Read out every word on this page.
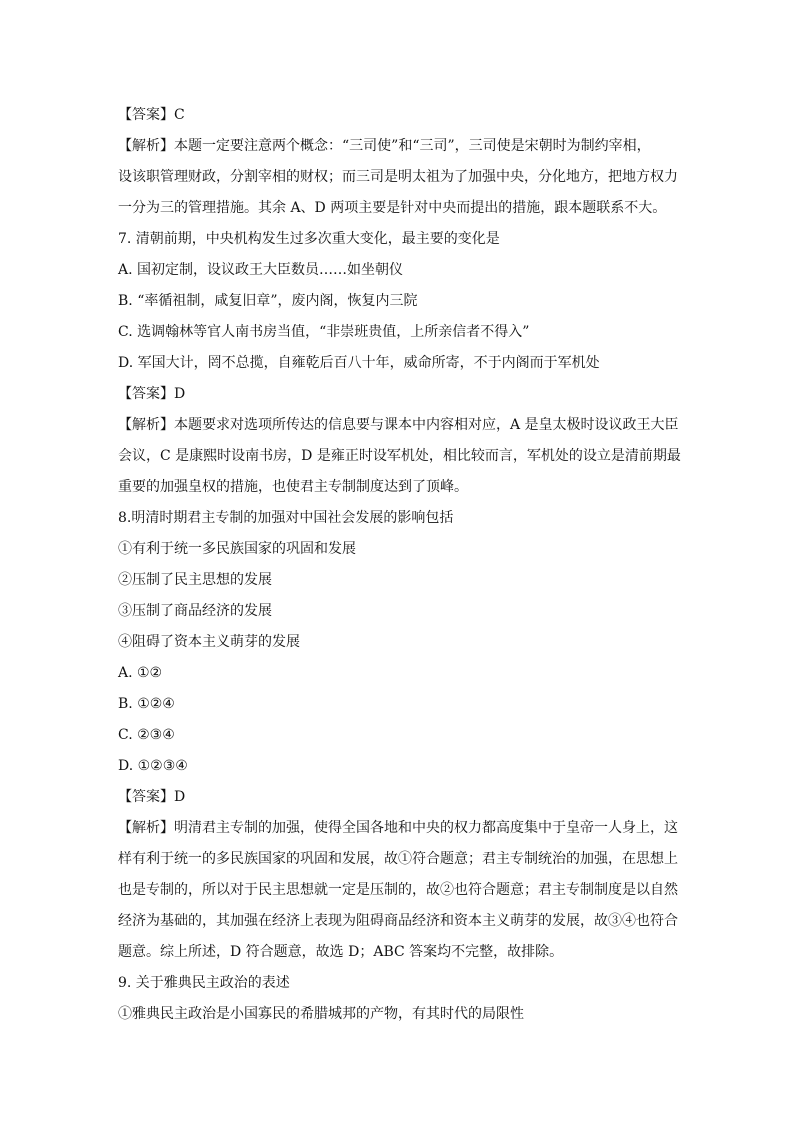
【答案】C
【解析】本题一定要注意两个概念：“三司使”和“三司”，三司使是宋朝时为制约宰相，
设该职管理财政，分割宰相的财权；而三司是明太祖为了加强中央，分化地方，把地方权力
一分为三的管理措施。其余 A、D 两项主要是针对中央而提出的措施，跟本题联系不大。
7. 清朝前期，中央机构发生过多次重大变化，最主要的变化是
A. 国初定制，设议政王大臣数员……如坐朝仪
B. “率循祖制，咸复旧章”，废内阁，恢复内三院
C. 选调翰林等官人南书房当值，“非崇班贵值，上所亲信者不得入”
D. 军国大计，罔不总揽，自雍乾后百八十年，威命所寄，不于内阁而于军机处
【答案】D
【解析】本题要求对选项所传达的信息要与课本中内容相对应，A 是皇太极时设议政王大臣
会议，C 是康熙时设南书房，D 是雍正时设军机处，相比较而言，军机处的设立是清前期最
重要的加强皇权的措施，也使君主专制制度达到了顶峰。
8.明清时期君主专制的加强对中国社会发展的影响包括
①有利于统一多民族国家的巩固和发展
②压制了民主思想的发展
③压制了商品经济的发展
④阻碍了资本主义萌芽的发展
A. ①②
B. ①②④
C. ②③④
D. ①②③④
【答案】D
【解析】明清君主专制的加强，使得全国各地和中央的权力都高度集中于皇帝一人身上，这
样有利于统一的多民族国家的巩固和发展，故①符合题意；君主专制统治的加强，在思想上
也是专制的，所以对于民主思想就一定是压制的，故②也符合题意；君主专制制度是以自然
经济为基础的，其加强在经济上表现为阻碍商品经济和资本主义萌芽的发展，故③④也符合
题意。综上所述，D 符合题意，故选 D；ABC 答案均不完整，故排除。
9. 关于雅典民主政治的表述
①雅典民主政治是小国寡民的希腊城邦的产物，有其时代的局限性
